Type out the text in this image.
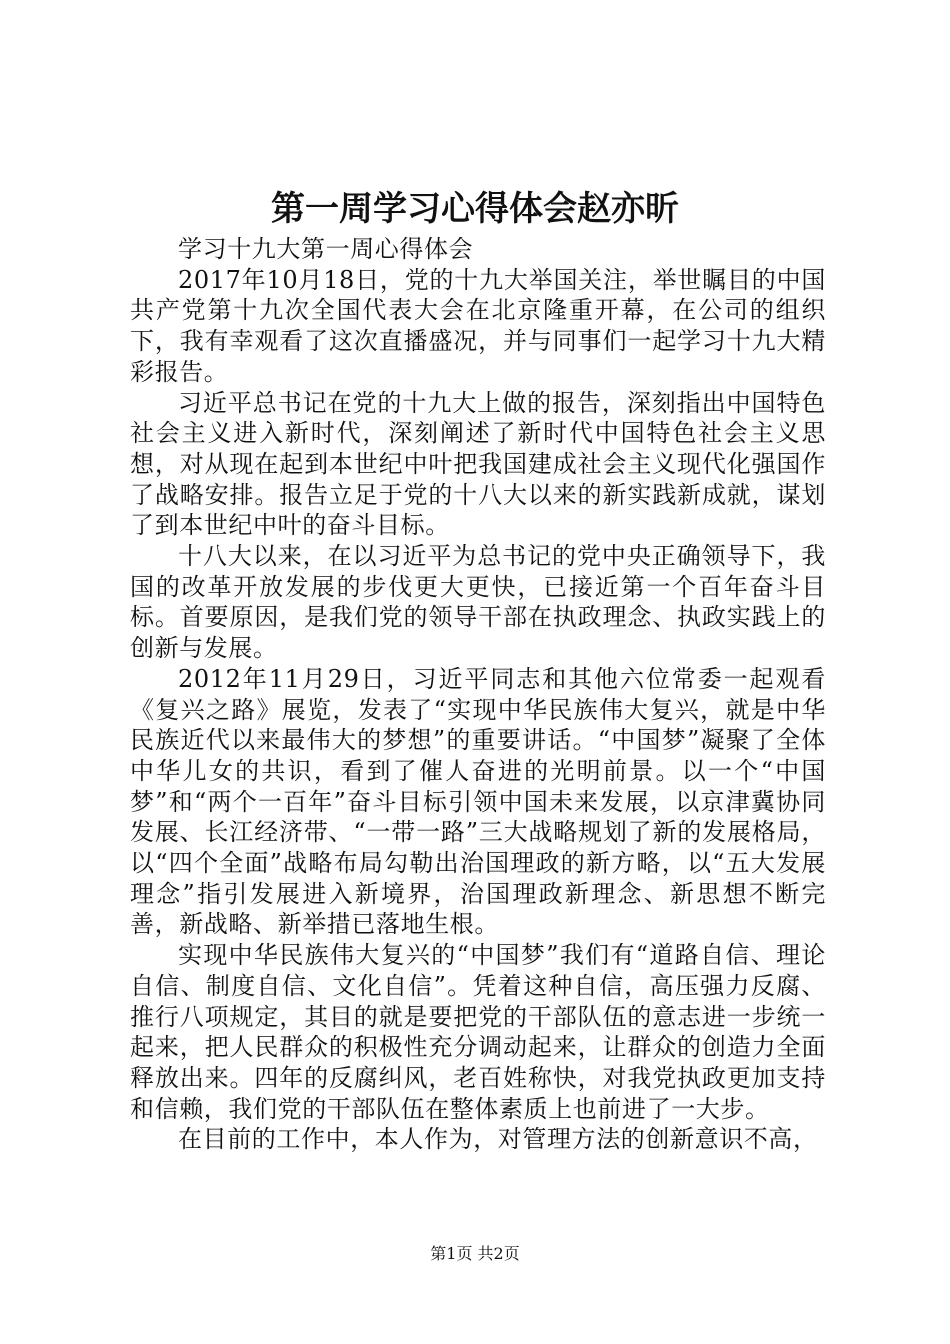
第一周学习心得体会赵亦昕

学习十九大第一周心得体会

2017年10月18日，党的十九大举国关注，举世瞩目的中国共产党第十九次全国代表大会在北京隆重开幕，在公司的组织下，我有幸观看了这次直播盛况，并与同事们一起学习十九大精彩报告。

习近平总书记在党的十九大上做的报告，深刻指出中国特色社会主义进入新时代，深刻阐述了新时代中国特色社会主义思想，对从现在起到本世纪中叶把我国建成社会主义现代化强国作了战略安排。报告立足于党的十八大以来的新实践新成就，谋划了到本世纪中叶的奋斗目标。

十八大以来，在以习近平为总书记的党中央正确领导下，我国的改革开放发展的步伐更大更快，已接近第一个百年奋斗目标。首要原因，是我们党的领导干部在执政理念、执政实践上的创新与发展。

2012年11月29日，习近平同志和其他六位常委一起观看《复兴之路》展览，发表了“实现中华民族伟大复兴，就是中华民族近代以来最伟大的梦想”的重要讲话。“中国梦”凝聚了全体中华儿女的共识，看到了催人奋进的光明前景。以一个“中国梦”和“两个一百年”奋斗目标引领中国未来发展，以京津冀协同发展、长江经济带、“一带一路”三大战略规划了新的发展格局，以“四个全面”战略布局勾勒出治国理政的新方略，以“五大发展理念”指引发展进入新境界，治国理政新理念、新思想不断完善，新战略、新举措已落地生根。

实现中华民族伟大复兴的“中国梦”我们有“道路自信、理论自信、制度自信、文化自信”。凭着这种自信，高压强力反腐、推行八项规定，其目的就是要把党的干部队伍的意志进一步统一起来，把人民群众的积极性充分调动起来，让群众的创造力全面释放出来。四年的反腐纠风，老百姓称快，对我党执政更加支持和信赖，我们党的干部队伍在整体素质上也前进了一大步。

在目前的工作中，本人作为，对管理方法的创新意识不高，

第1页 共2页
